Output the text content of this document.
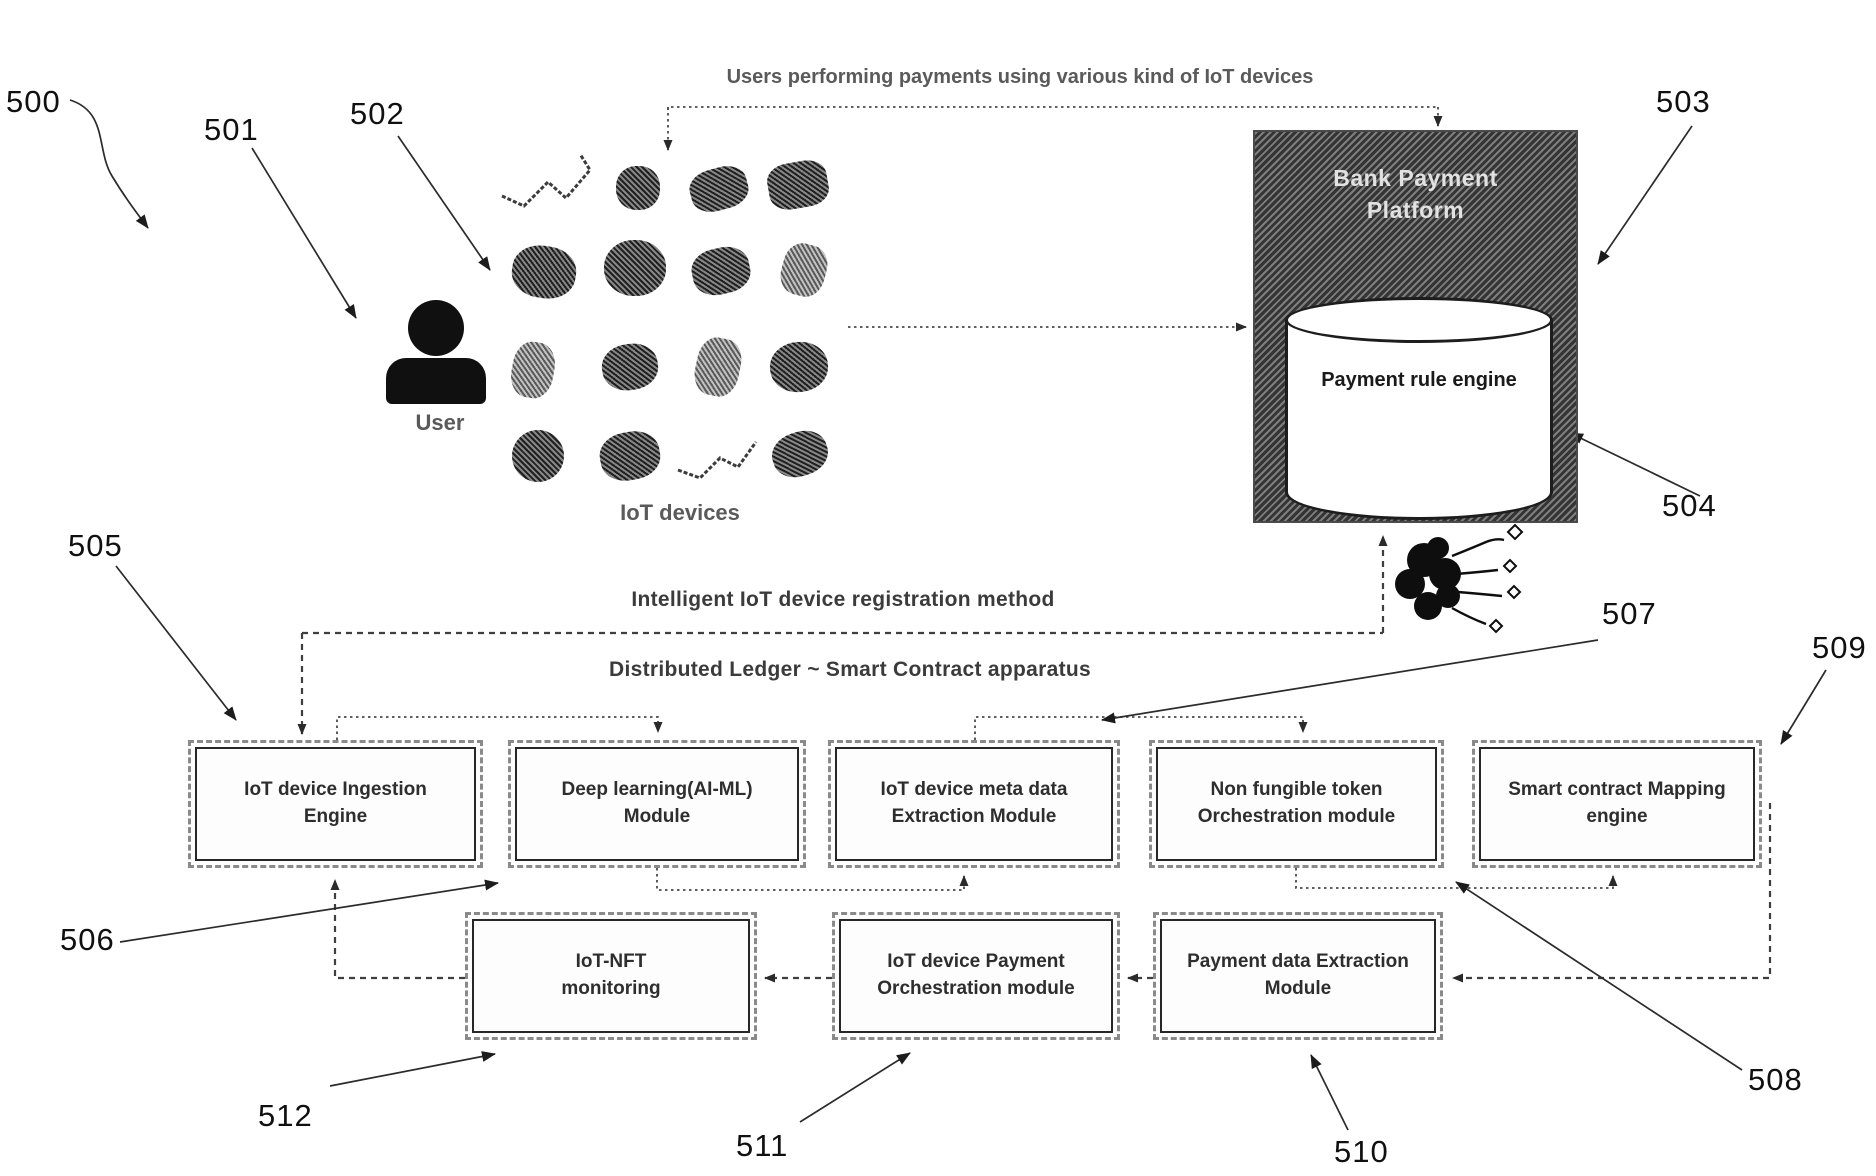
500
501	502	503
504
505
506
507
508
509
510
511
512
Users performing payments using various kind of IoT devices
User
IoT devices
Intelligent IoT device registration method
Distributed Ledger ~ Smart Contract apparatus
Bank Payment Platform
Payment rule engine
IoT device Ingestion Engine
Deep learning(AI-ML) Module
IoT device meta data Extraction Module
Non fungible token Orchestration module
Smart contract Mapping engine
IoT-NFT monitoring
IoT device Payment Orchestration module
Payment data Extraction Module
